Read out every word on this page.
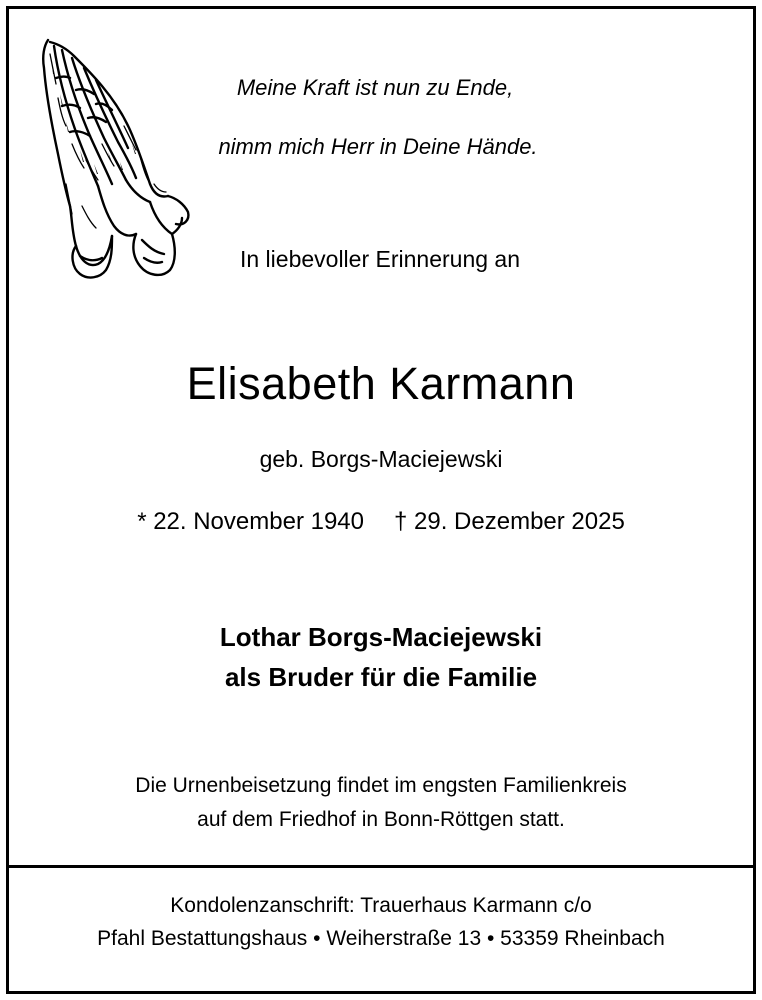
Meine Kraft ist nun zu Ende,
nimm mich Herr in Deine Hände.
In liebevoller Erinnerung an
Elisabeth Karmann
geb. Borgs-Maciejewski
* 22. November 1940 † 29. Dezember 2025
Lothar Borgs-Maciejewski
als Bruder für die Familie
Die Urnenbeisetzung findet im engsten Familienkreis
auf dem Friedhof in Bonn-Röttgen statt.
Kondolenzanschrift: Trauerhaus Karmann c/o
Pfahl Bestattungshaus • Weiherstraße 13 • 53359 Rheinbach
